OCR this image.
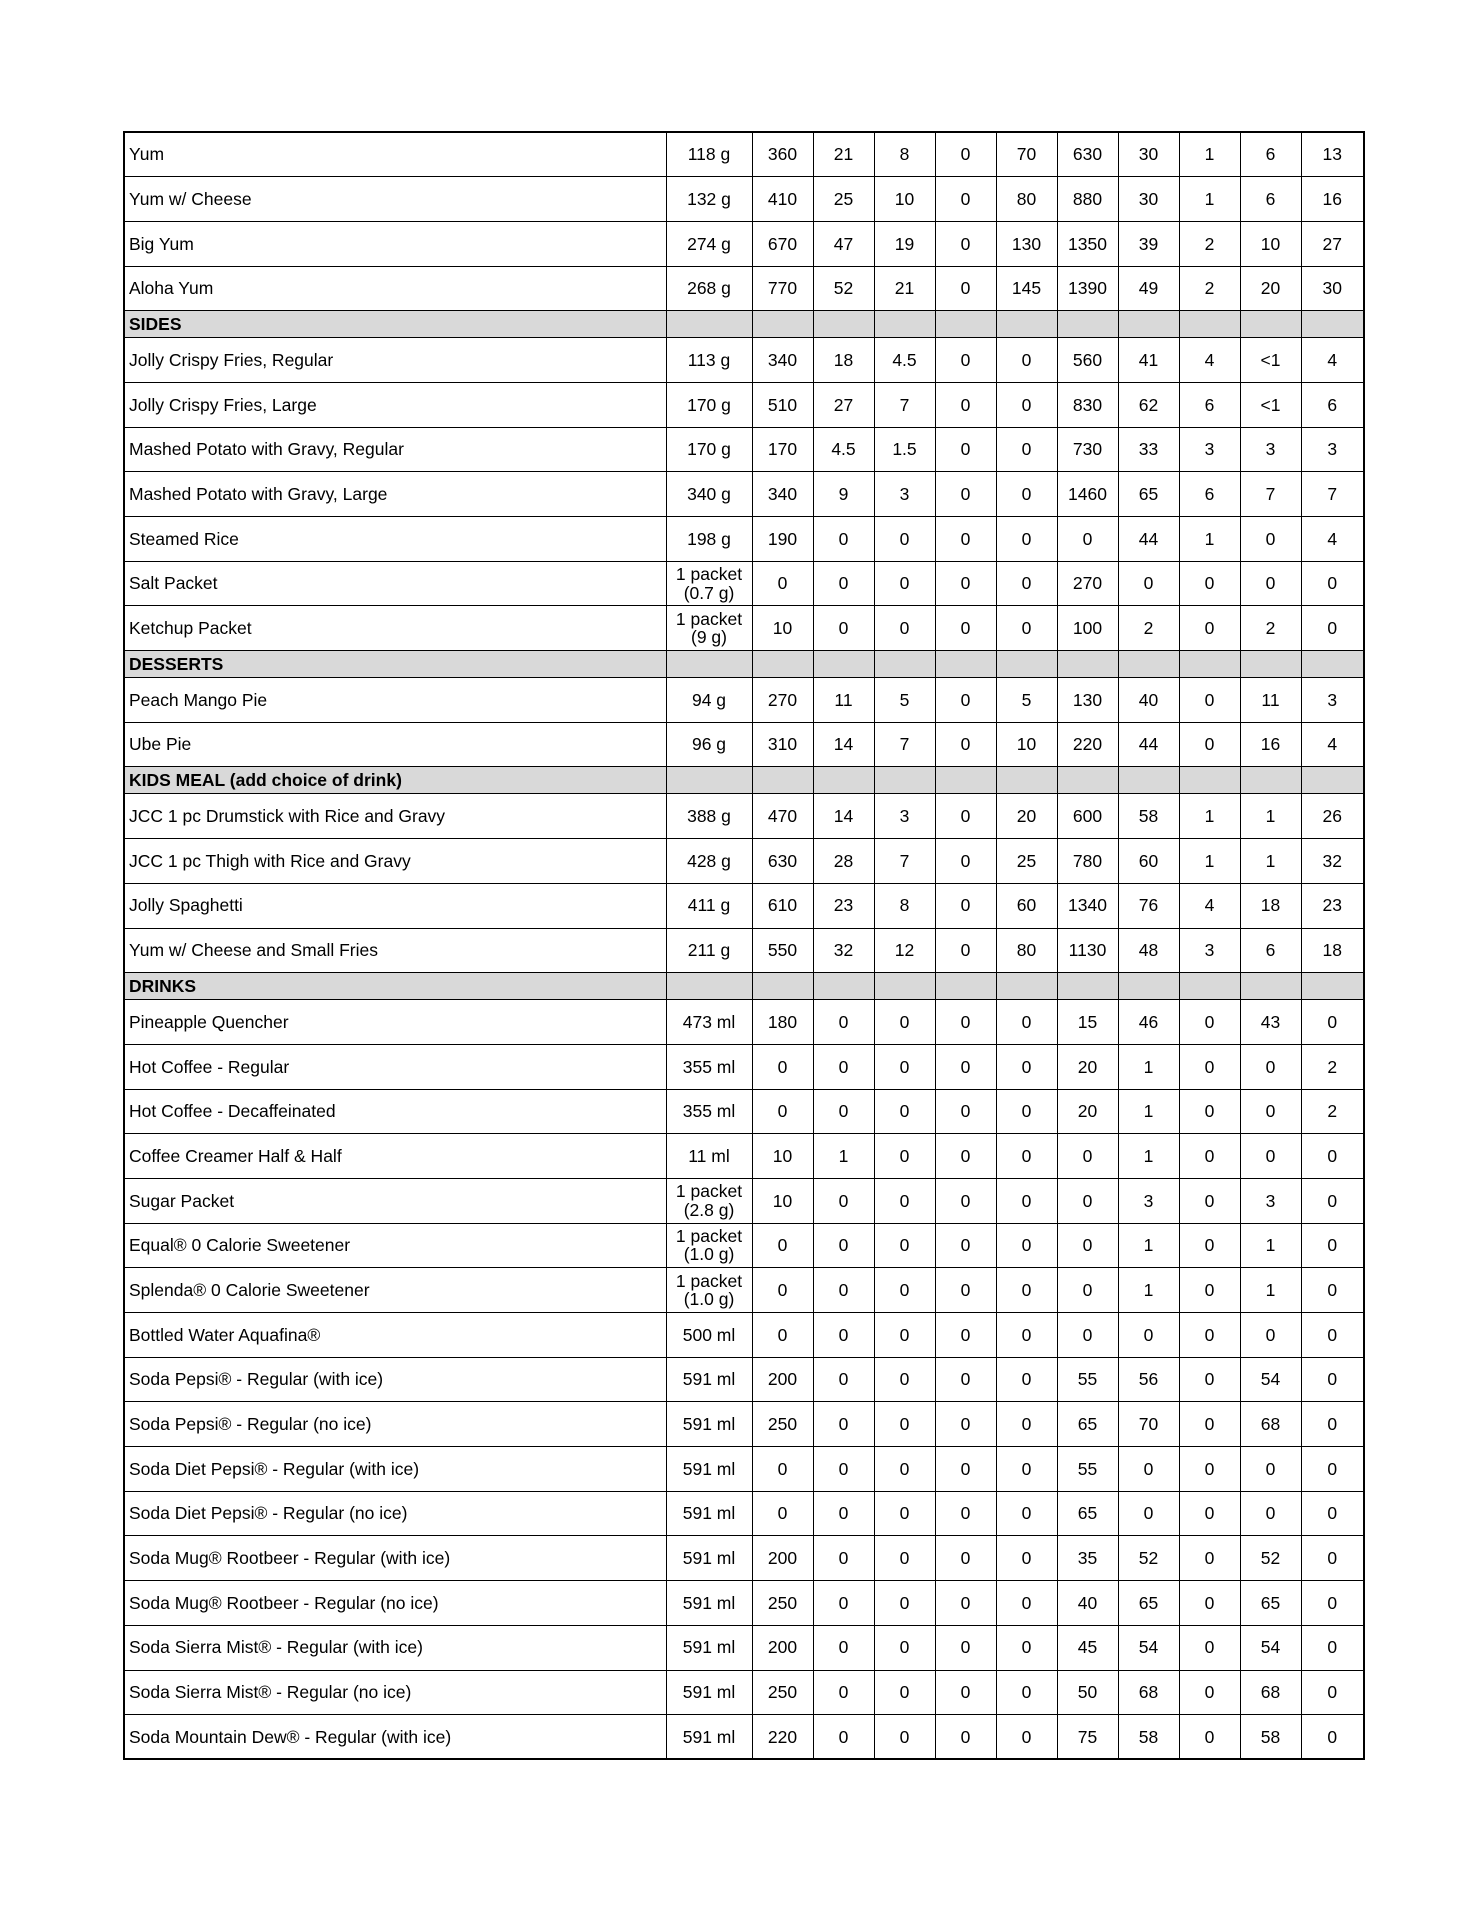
Yum	118 g	360	21	8	0	70	630	30	1	6	13
Yum w/ Cheese	132 g	410	25	10	0	80	880	30	1	6	16
Big Yum	274 g	670	47	19	0	130	1350	39	2	10	27
Aloha Yum	268 g	770	52	21	0	145	1390	49	2	20	30
SIDES											
Jolly Crispy Fries, Regular	113 g	340	18	4.5	0	0	560	41	4	<1	4
Jolly Crispy Fries, Large	170 g	510	27	7	0	0	830	62	6	<1	6
Mashed Potato with Gravy, Regular	170 g	170	4.5	1.5	0	0	730	33	3	3	3
Mashed Potato with Gravy, Large	340 g	340	9	3	0	0	1460	65	6	7	7
Steamed Rice	198 g	190	0	0	0	0	0	44	1	0	4
Salt Packet	1 packet (0.7 g)	0	0	0	0	0	270	0	0	0	0
Ketchup Packet	1 packet (9 g)	10	0	0	0	0	100	2	0	2	0
DESSERTS											
Peach Mango Pie	94 g	270	11	5	0	5	130	40	0	11	3
Ube Pie	96 g	310	14	7	0	10	220	44	0	16	4
KIDS MEAL (add choice of drink)											
JCC 1 pc Drumstick with Rice and Gravy	388 g	470	14	3	0	20	600	58	1	1	26
JCC 1 pc Thigh with Rice and Gravy	428 g	630	28	7	0	25	780	60	1	1	32
Jolly Spaghetti	411 g	610	23	8	0	60	1340	76	4	18	23
Yum w/ Cheese and Small Fries	211 g	550	32	12	0	80	1130	48	3	6	18
DRINKS											
Pineapple Quencher	473 ml	180	0	0	0	0	15	46	0	43	0
Hot Coffee - Regular	355 ml	0	0	0	0	0	20	1	0	0	2
Hot Coffee - Decaffeinated	355 ml	0	0	0	0	0	20	1	0	0	2
Coffee Creamer Half & Half	11 ml	10	1	0	0	0	0	1	0	0	0
Sugar Packet	1 packet (2.8 g)	10	0	0	0	0	0	3	0	3	0
Equal® 0 Calorie Sweetener	1 packet (1.0 g)	0	0	0	0	0	0	1	0	1	0
Splenda® 0 Calorie Sweetener	1 packet (1.0 g)	0	0	0	0	0	0	1	0	1	0
Bottled Water Aquafina®	500 ml	0	0	0	0	0	0	0	0	0	0
Soda Pepsi® - Regular (with ice)	591 ml	200	0	0	0	0	55	56	0	54	0
Soda Pepsi® - Regular (no ice)	591 ml	250	0	0	0	0	65	70	0	68	0
Soda Diet Pepsi® - Regular (with ice)	591 ml	0	0	0	0	0	55	0	0	0	0
Soda Diet Pepsi® - Regular (no ice)	591 ml	0	0	0	0	0	65	0	0	0	0
Soda Mug® Rootbeer - Regular (with ice)	591 ml	200	0	0	0	0	35	52	0	52	0
Soda Mug® Rootbeer - Regular (no ice)	591 ml	250	0	0	0	0	40	65	0	65	0
Soda Sierra Mist® - Regular (with ice)	591 ml	200	0	0	0	0	45	54	0	54	0
Soda Sierra Mist® - Regular (no ice)	591 ml	250	0	0	0	0	50	68	0	68	0
Soda Mountain Dew® - Regular (with ice)	591 ml	220	0	0	0	0	75	58	0	58	0
